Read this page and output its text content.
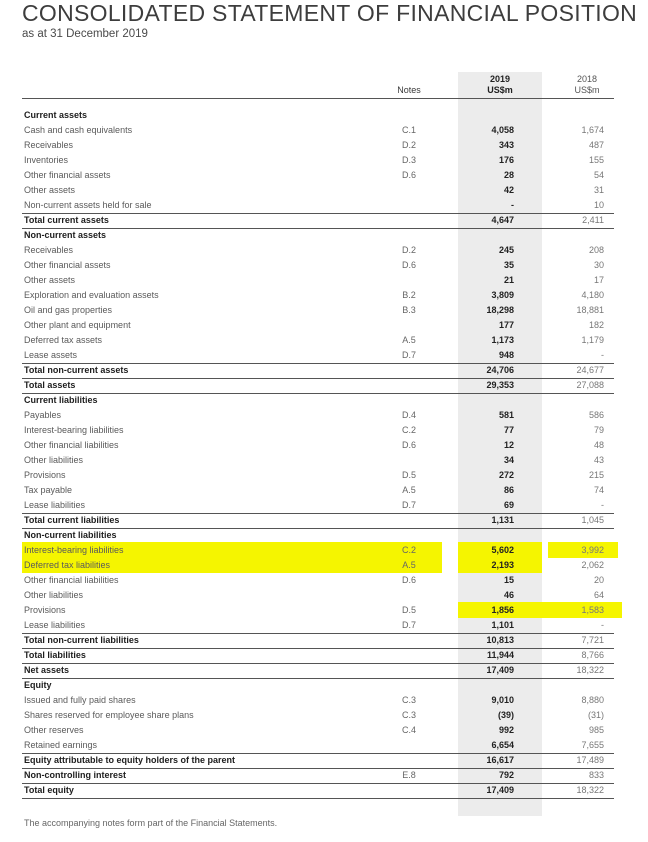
CONSOLIDATED STATEMENT OF FINANCIAL POSITION
as at 31 December 2019
Notes
2019
US$m
2018
US$m
Current assets
Cash and cash equivalents	C.1	4,058	1,674
Receivables	D.2	343	487
Inventories	D.3	176	155
Other financial assets	D.6	28	54
Other assets	42	31
Non-current assets held for sale	-	10
Total current assets	4,647	2,411
Non-current assets
Receivables	D.2	245	208
Other financial assets	D.6	35	30
Other assets	21	17
Exploration and evaluation assets	B.2	3,809	4,180
Oil and gas properties	B.3	18,298	18,881
Other plant and equipment	177	182
Deferred tax assets	A.5	1,173	1,179
Lease assets	D.7	948	-
Total non-current assets	24,706	24,677
Total assets	29,353	27,088
Current liabilities
Payables	D.4	581	586
Interest-bearing liabilities	C.2	77	79
Other financial liabilities	D.6	12	48
Other liabilities	34	43
Provisions	D.5	272	215
Tax payable	A.5	86	74
Lease liabilities	D.7	69	-
Total current liabilities	1,131	1,045
Non-current liabilities
Interest-bearing liabilities	C.2	5,602	3,992
Deferred tax liabilities	A.5	2,193	2,062
Other financial liabilities	D.6	15	20
Other liabilities	46	64
Provisions	D.5	1,856	1,583
Lease liabilities	D.7	1,101	-
Total non-current liabilities	10,813	7,721
Total liabilities	11,944	8,766
Net assets	17,409	18,322
Equity
Issued and fully paid shares	C.3	9,010	8,880
Shares reserved for employee share plans	C.3	(39)	(31)
Other reserves	C.4	992	985
Retained earnings	6,654	7,655
Equity attributable to equity holders of the parent	16,617	17,489
Non-controlling interest	E.8	792	833
Total equity	17,409	18,322
The accompanying notes form part of the Financial Statements.
